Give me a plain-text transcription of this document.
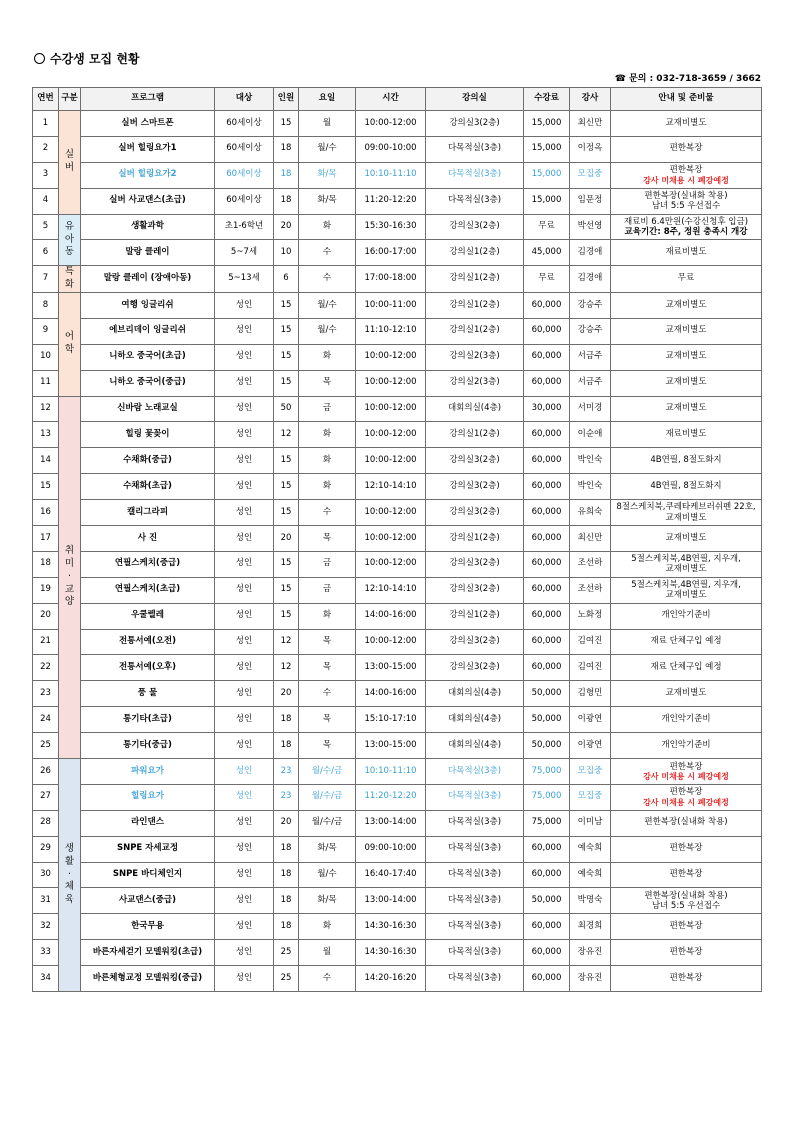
수강생 모집 현황
☎ 문의 : 032-718-3659 / 3662
연번	구분	프로그램	대상	인원	요일	시간	강의실	수강료	강사	안내 및 준비물
1	실버	실버 스마트폰	60세이상	15	월	10:00-12:00	강의실3(2층)	15,000	최신만	교재비별도

2		실버 힐링요가1	60세이상	18	월/수	09:00-10:00	다목적실(3층)	15,000	이정옥	편한복장

3		실버 힐링요가2	60세이상	18	화/목	10:10-11:10	다목적실(3층)	15,000	모집중	편한복장
강사 미채용 시 폐강예정

4		실버 사교댄스(초급)	60세이상	18	화/목	11:20-12:20	다목적실(3층)	15,000	임문정	편한복장(실내화 착용)
남녀 5:5 우선접수

5	유아동	생활과학	초1-6학년	20	화	15:30-16:30	강의실3(2층)	무료	박선영	재료비 6.4만원(수강신청후 입금)
교육기간: 8주, 정원 충족시 개강

6		말랑 클레이	5~7세	10	수	16:00-17:00	강의실1(2층)	45,000	김경애	재료비별도

7	특화	말랑 클레이 (장애아동)	5~13세	6	수	17:00-18:00	강의실1(2층)	무료	김경애	무료

8	어학	여행 잉글리쉬	성인	15	월/수	10:00-11:00	강의실1(2층)	60,000	강승주	교재비별도

9		에브리데이 잉글리쉬	성인	15	월/수	11:10-12:10	강의실1(2층)	60,000	강승주	교재비별도

10		니하오 중국어(초급)	성인	15	화	10:00-12:00	강의실2(3층)	60,000	서금주	교재비별도

11		니하오 중국어(중급)	성인	15	목	10:00-12:00	강의실2(3층)	60,000	서금주	교재비별도

12	취미·교양	신바람 노래교실	성인	50	금	10:00-12:00	대회의실(4층)	30,000	서미경	교재비별도

13		힐링 꽃꽂이	성인	12	화	10:00-12:00	강의실1(2층)	60,000	이순애	재료비별도

14		수채화(중급)	성인	15	화	10:00-12:00	강의실3(2층)	60,000	박인숙	4B연필, 8절도화지

15		수채화(초급)	성인	15	화	12:10-14:10	강의실3(2층)	60,000	박인숙	4B연필, 8절도화지

16		캘리그라피	성인	15	수	10:00-12:00	강의실3(2층)	60,000	유희숙	8절스케치북,쿠레타케브러쉬펜 22호,
교재비별도

17		사 진	성인	20	목	10:00-12:00	강의실1(2층)	60,000	최신만	교재비별도

18		연필스케치(중급)	성인	15	금	10:00-12:00	강의실3(2층)	60,000	조선하	5절스케치북,4B연필, 지우개,
교재비별도

19		연필스케치(초급)	성인	15	금	12:10-14:10	강의실3(2층)	60,000	조선하	5절스케치북,4B연필, 지우개,
교재비별도

20		우쿨렐레	성인	15	화	14:00-16:00	강의실1(2층)	60,000	노화정	개인악기준비

21		전통서예(오전)	성인	12	목	10:00-12:00	강의실3(2층)	60,000	김여진	재료 단체구입 예정

22		전통서예(오후)	성인	12	목	13:00-15:00	강의실3(2층)	60,000	김여진	재료 단체구입 예정

23		풍 물	성인	20	수	14:00-16:00	대회의실(4층)	50,000	김형민	교재비별도

24		통기타(초급)	성인	18	목	15:10-17:10	대회의실(4층)	50,000	이광연	개인악기준비

25		통기타(중급)	성인	18	목	13:00-15:00	대회의실(4층)	50,000	이광연	개인악기준비

26	생활·체육	파워요가	성인	23	월/수/금	10:10-11:10	다목적실(3층)	75,000	모집중	편한복장
강사 미채용 시 폐강예정

27		힐링요가	성인	23	월/수/금	11:20-12:20	다목적실(3층)	75,000	모집중	편한복장
강사 미채용 시 폐강예정

28		라인댄스	성인	20	월/수/금	13:00-14:00	다목적실(3층)	75,000	이미남	편한복장(실내화 착용)

29		SNPE 자세교정	성인	18	화/목	09:00-10:00	다목적실(3층)	60,000	예숙희	편한복장

30		SNPE 바디체인지	성인	18	월/수	16:40-17:40	다목적실(3층)	60,000	예숙희	편한복장

31		사교댄스(중급)	성인	18	화/목	13:00-14:00	다목적실(3층)	50,000	박명숙	편한복장(실내화 착용)
남녀 5:5 우선접수

32		한국무용	성인	18	화	14:30-16:30	다목적실(3층)	60,000	최경희	편한복장

33		바른자세걷기 모델워킹(초급)	성인	25	월	14:30-16:30	다목적실(3층)	60,000	장유진	편한복장

34		바른체형교정 모델워킹(중급)	성인	25	수	14:20-16:20	다목적실(3층)	60,000	장유진	편한복장
